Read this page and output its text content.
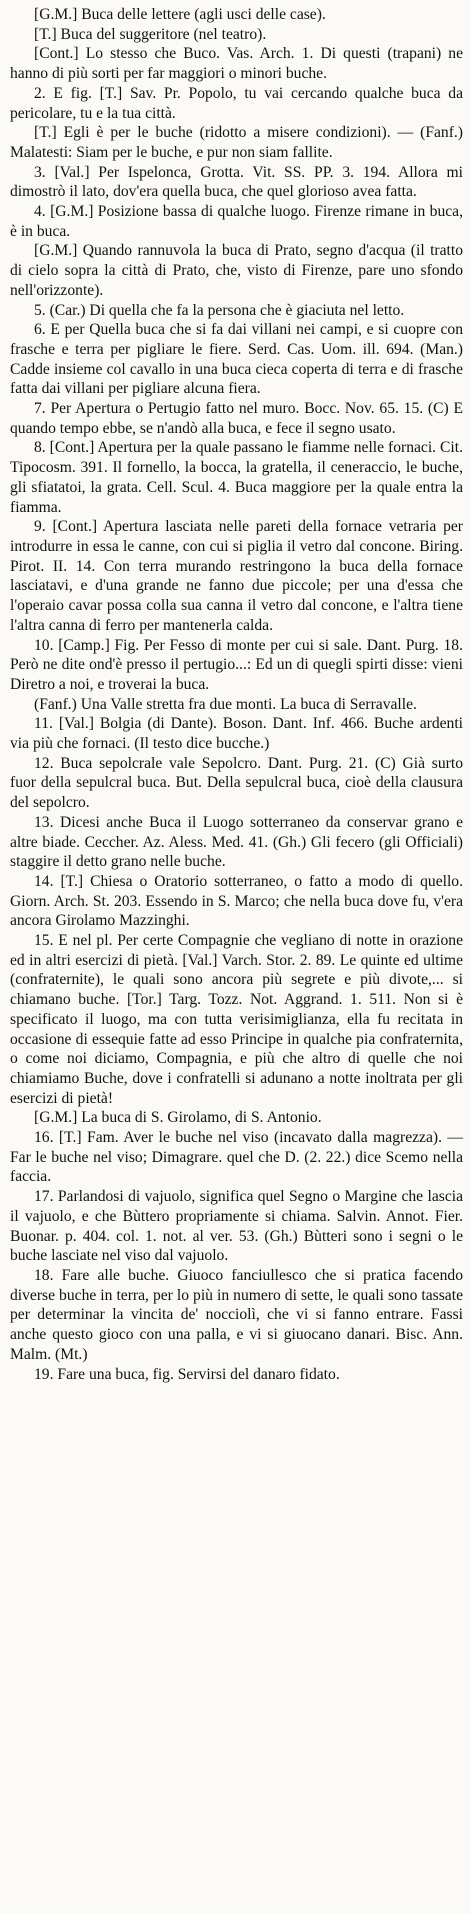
[G.M.] Buca delle lettere (agli usci delle case).

[T.] Buca del suggeritore (nel teatro).

[Cont.] Lo stesso che Buco. Vas. Arch. 1. Di questi (trapani) ne hanno di più sorti per far maggiori o minori buche.

2. E fig. [T.] Sav. Pr. Popolo, tu vai cercando qualche buca da pericolare, tu e la tua città.

[T.] Egli è per le buche (ridotto a misere condizioni). — (Fanf.) Malatesti: Siam per le buche, e pur non siam fallite.

3. [Val.] Per Ispelonca, Grotta. Vit. SS. PP. 3. 194. Allora mi dimostrò il lato, dov'era quella buca, che quel glorioso avea fatta.

4. [G.M.] Posizione bassa di qualche luogo. Firenze rimane in buca, è in buca.

[G.M.] Quando rannuvola la buca di Prato, segno d'acqua (il tratto di cielo sopra la città di Prato, che, visto di Firenze, pare uno sfondo nell'orizzonte).

5. (Car.) Di quella che fa la persona che è giaciuta nel letto.

6. E per Quella buca che si fa dai villani nei campi, e si cuopre con frasche e terra per pigliare le fiere. Serd. Cas. Uom. ill. 694. (Man.) Cadde insieme col cavallo in una buca cieca coperta di terra e di frasche fatta dai villani per pigliare alcuna fiera.

7. Per Apertura o Pertugio fatto nel muro. Bocc. Nov. 65. 15. (C) E quando tempo ebbe, se n'andò alla buca, e fece il segno usato.

8. [Cont.] Apertura per la quale passano le fiamme nelle fornaci. Cit. Tipocosm. 391. Il fornello, la bocca, la gratella, il ceneraccio, le buche, gli sfiatatoi, la grata. Cell. Scul. 4. Buca maggiore per la quale entra la fiamma.

9. [Cont.] Apertura lasciata nelle pareti della fornace vetraria per introdurre in essa le canne, con cui si piglia il vetro dal concone. Biring. Pirot. II. 14. Con terra murando restringono la buca della fornace lasciatavi, e d'una grande ne fanno due piccole; per una d'essa che l'operaio cavar possa colla sua canna il vetro dal concone, e l'altra tiene l'altra canna di ferro per mantenerla calda.

10. [Camp.] Fig. Per Fesso di monte per cui si sale. Dant. Purg. 18. Però ne dite ond'è presso il pertugio...: Ed un di quegli spirti disse: vieni Diretro a noi, e troverai la buca.

(Fanf.) Una Valle stretta fra due monti. La buca di Serravalle.

11. [Val.] Bolgia (di Dante). Boson. Dant. Inf. 466. Buche ardenti via più che fornaci. (Il testo dice bucche.)

12. Buca sepolcrale vale Sepolcro. Dant. Purg. 21. (C) Già surto fuor della sepulcral buca. But. Della sepulcral buca, cioè della clausura del sepolcro.

13. Dicesi anche Buca il Luogo sotterraneo da conservar grano e altre biade. Ceccher. Az. Aless. Med. 41. (Gh.) Gli fecero (gli Officiali) staggire il detto grano nelle buche.

14. [T.] Chiesa o Oratorio sotterraneo, o fatto a modo di quello. Giorn. Arch. St. 203. Essendo in S. Marco; che nella buca dove fu, v'era ancora Girolamo Mazzinghi.

15. E nel pl. Per certe Compagnie che vegliano di notte in orazione ed in altri esercizi di pietà. [Val.] Varch. Stor. 2. 89. Le quinte ed ultime (confraternite), le quali sono ancora più segrete e più divote,... si chiamano buche. [Tor.] Targ. Tozz. Not. Aggrand. 1. 511. Non si è specificato il luogo, ma con tutta verisimiglianza, ella fu recitata in occasione di essequie fatte ad esso Principe in qualche pia confraternita, o come noi diciamo, Compagnia, e più che altro di quelle che noi chiamiamo Buche, dove i confratelli si adunano a notte inoltrata per gli esercizi di pietà!

[G.M.] La buca di S. Girolamo, di S. Antonio.

16. [T.] Fam. Aver le buche nel viso (incavato dalla magrezza). — Far le buche nel viso; Dimagrare. quel che D. (2. 22.) dice Scemo nella faccia.

17. Parlandosi di vajuolo, significa quel Segno o Margine che lascia il vajuolo, e che Bùttero propriamente si chiama. Salvin. Annot. Fier. Buonar. p. 404. col. 1. not. al ver. 53. (Gh.) Bùtteri sono i segni o le buche lasciate nel viso dal vajuolo.

18. Fare alle buche. Giuoco fanciullesco che si pratica facendo diverse buche in terra, per lo più in numero di sette, le quali sono tassate per determinar la vincita de' nocciolì, che vi si fanno entrare. Fassi anche questo gioco con una palla, e vi si giuocano danari. Bisc. Ann. Malm. (Mt.)

19. Fare una buca, fig. Servirsi del danaro fidato.
